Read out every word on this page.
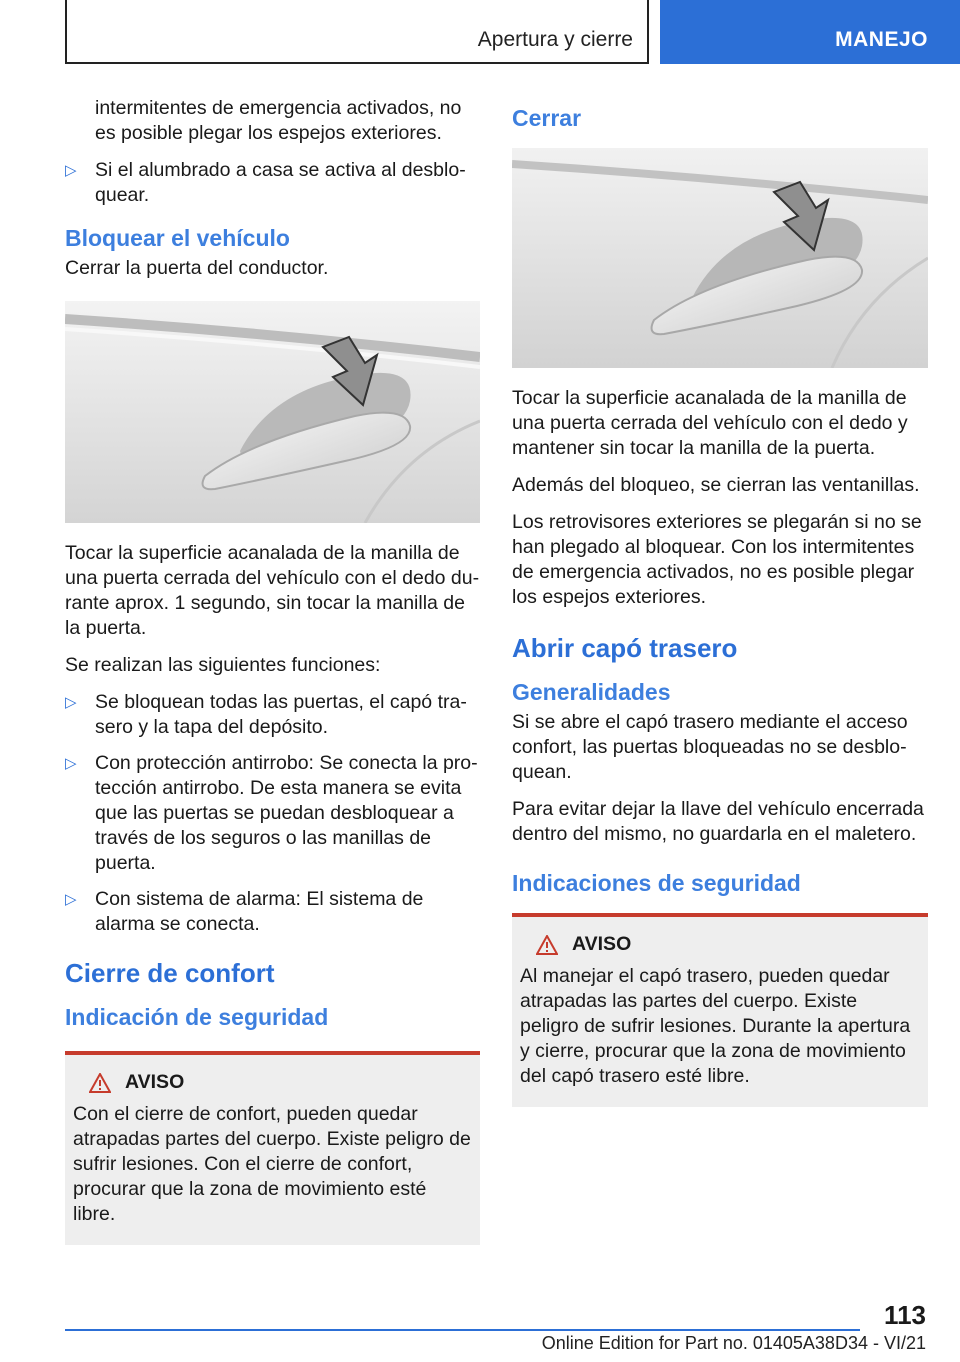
Apertura y cierre	MANEJO

intermitentes de emergencia activados, no es posible plegar los espejos exteriores.

▷ Si el alumbrado a casa se activa al desbloquear.
Bloquear el vehículo

Cerrar la puerta del conductor.

Tocar la superficie acanalada de la manilla de una puerta cerrada del vehículo con el dedo durante aprox. 1 segundo, sin tocar la manilla de la puerta.

Se realizan las siguientes funciones:

▷ Se bloquean todas las puertas, el capó trasero y la tapa del depósito.
▷ Con protección antirrobo: Se conecta la protección antirrobo. De esta manera se evita que las puertas se puedan desbloquear a través de los seguros o las manillas de puerta.
▷ Con sistema de alarma: El sistema de alarma se conecta.
Cierre de confort
Indicación de seguridad
AVISO

Con el cierre de confort, pueden quedar atrapadas partes del cuerpo. Existe peligro de sufrir lesiones. Con el cierre de confort, procurar que la zona de movimiento esté libre.

Cerrar

Tocar la superficie acanalada de la manilla de una puerta cerrada del vehículo con el dedo y mantener sin tocar la manilla de la puerta.

Además del bloqueo, se cierran las ventanillas.

Los retrovisores exteriores se plegarán si no se han plegado al bloquear. Con los intermitentes de emergencia activados, no es posible plegar los espejos exteriores.

Abrir capó trasero
Generalidades

Si se abre el capó trasero mediante el acceso confort, las puertas bloqueadas no se desbloquean.

Para evitar dejar la llave del vehículo encerrada dentro del mismo, no guardarla en el maletero.

Indicaciones de seguridad
AVISO

Al manejar el capó trasero, pueden quedar atrapadas las partes del cuerpo. Existe peligro de sufrir lesiones. Durante la apertura y cierre, procurar que la zona de movimiento del capó trasero esté libre.

113
Online Edition for Part no. 01405A38D34 - VI/21
